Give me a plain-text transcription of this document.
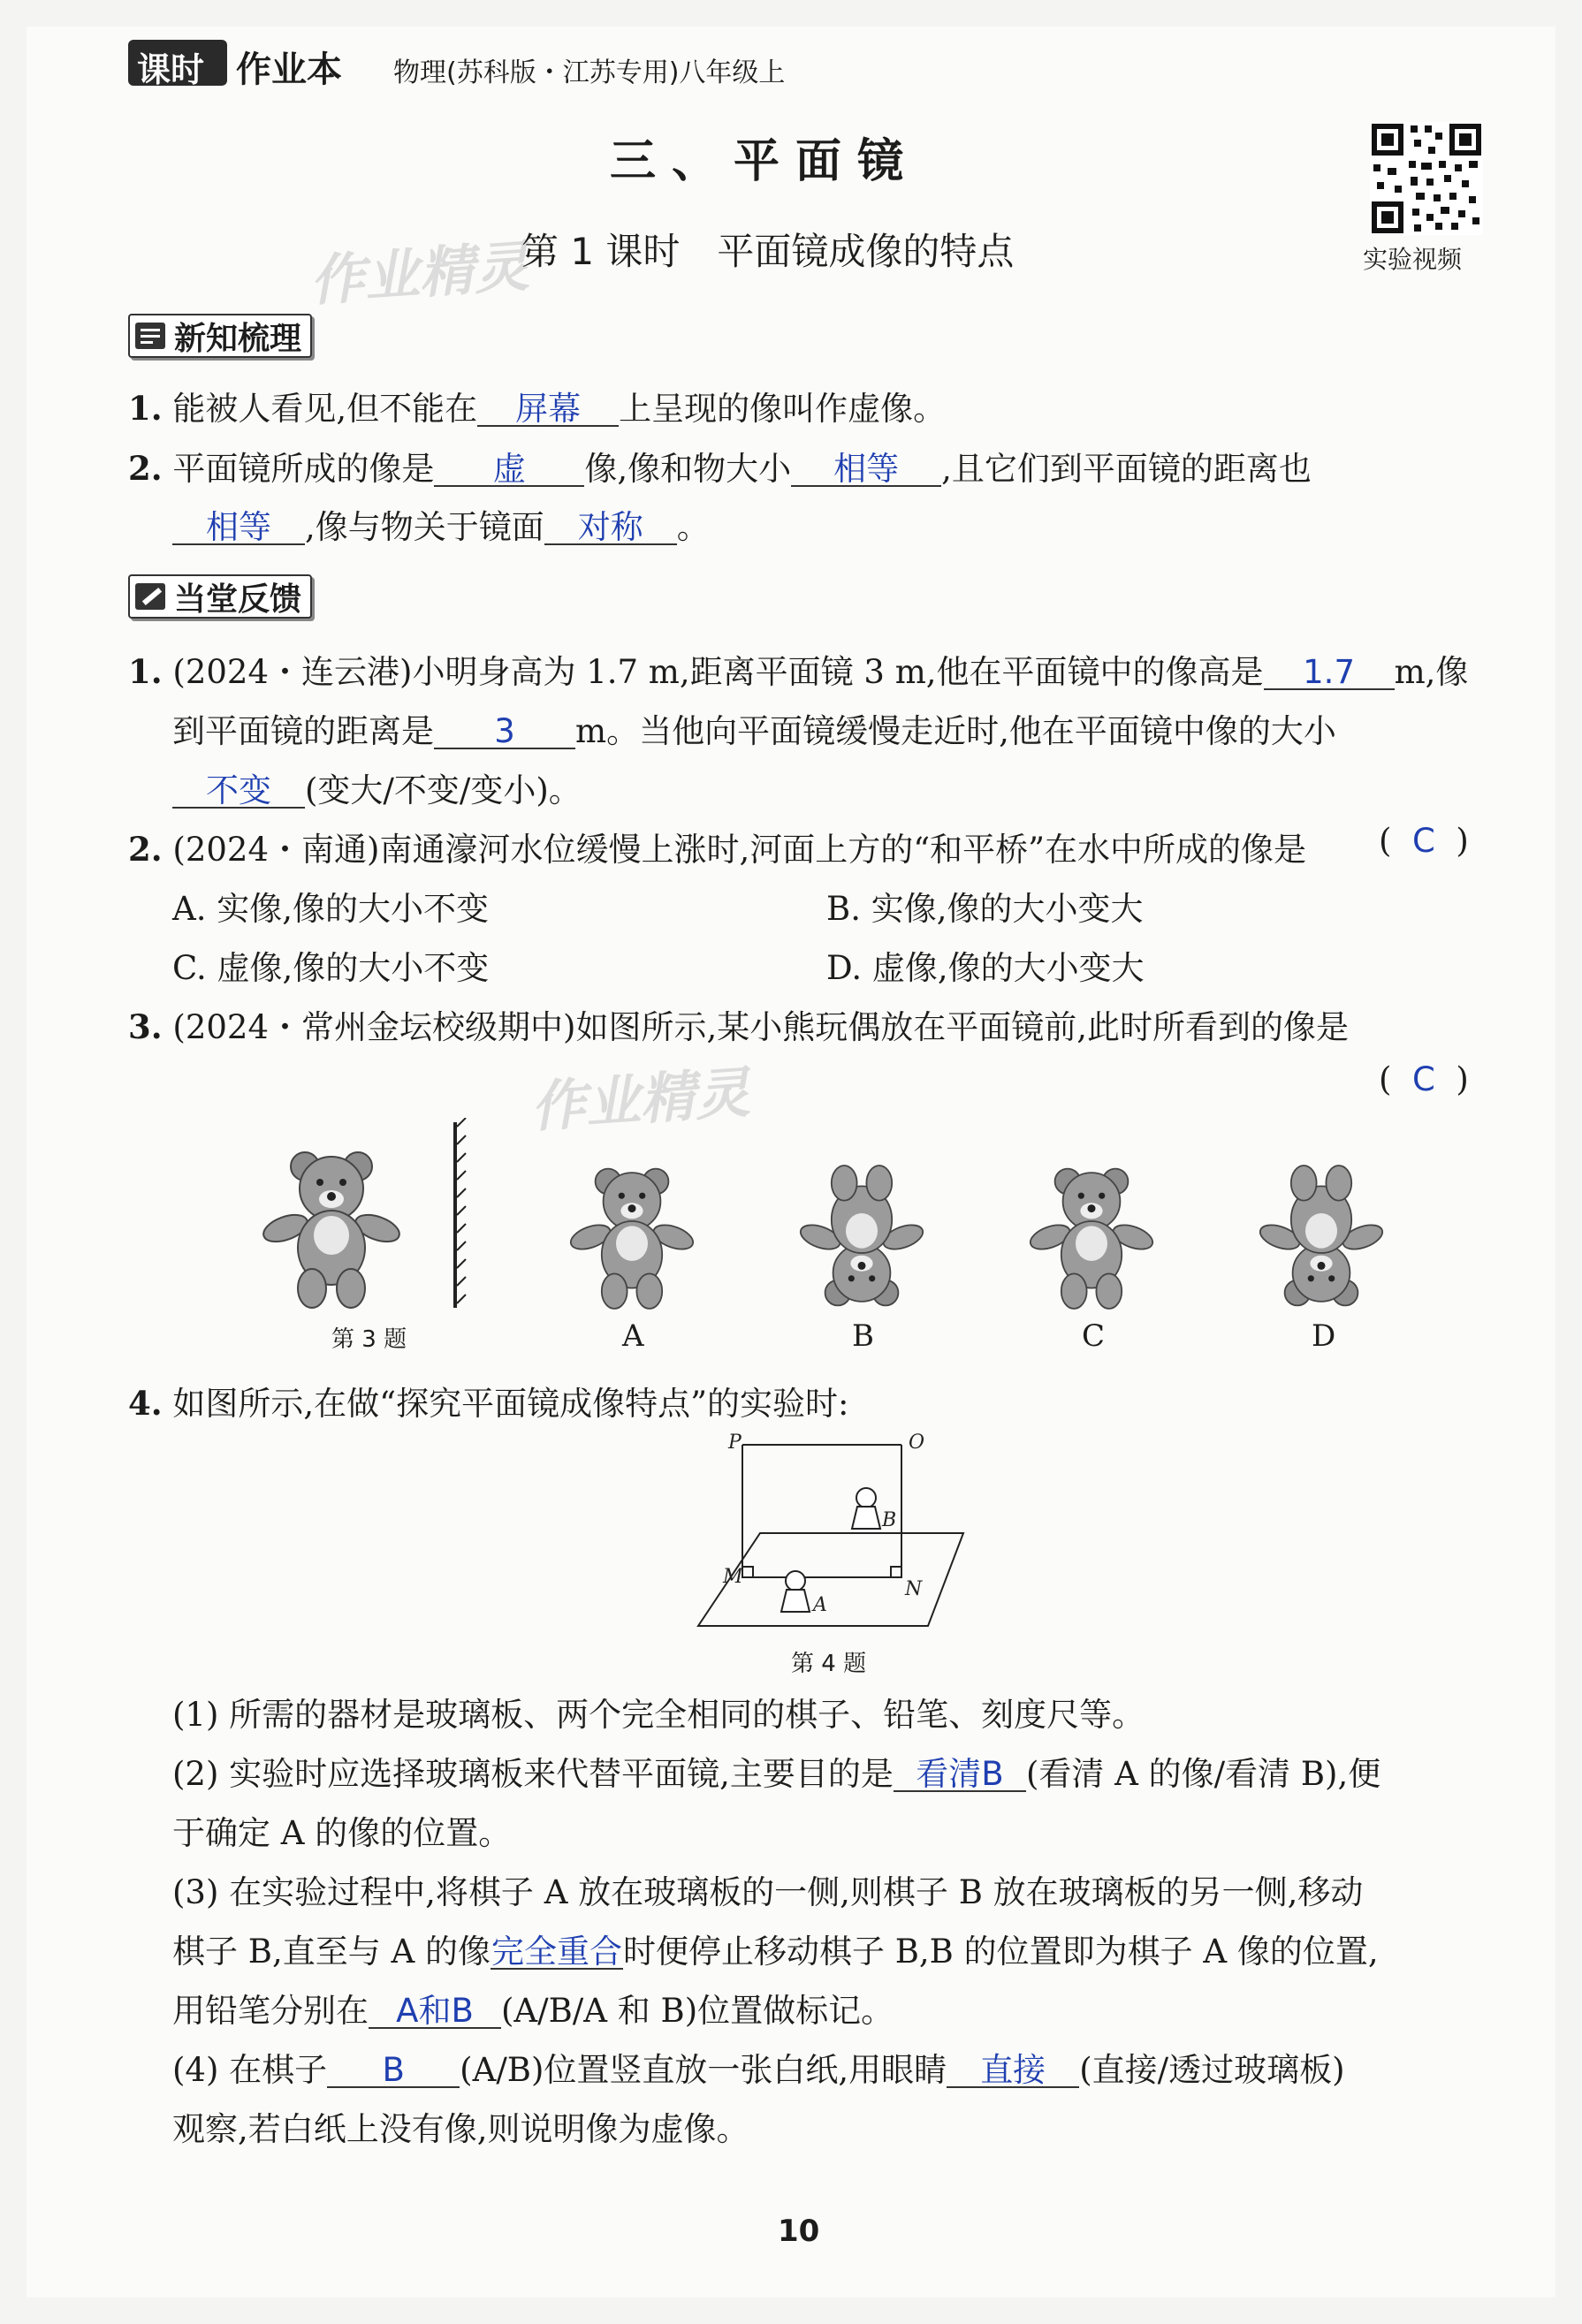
课时 作业本 物理(苏科版・江苏专用)八年级上
实验视频
三、平面镜
作业精灵
第 1 课时　平面镜成像的特点
新知梳理
1. 能被人看见,但不能在 屏幕 上呈现的像叫作虚像。
2. 平面镜所成的像是 虚 像,像和物大小 相等 ,且它们到平面镜的距离也
相等 ,像与物关于镜面 对称 。
当堂反馈
1. (2024・连云港)小明身高为 1.7 m,距离平面镜 3 m,他在平面镜中的像高是 1.7 m,像
到平面镜的距离是 3 m。当他向平面镜缓慢走近时,他在平面镜中像的大小
不变 (变大/不变/变小)。
2. (2024・南通)南通濠河水位缓慢上涨时,河面上方的“和平桥”在水中所成的像是 (  C  )
A. 实像,像的大小不变	B. 实像,像的大小变大
C. 虚像,像的大小不变	D. 虚像,像的大小变大
3. (2024・常州金坛校级期中)如图所示,某小熊玩偶放在平面镜前,此时所看到的像是
(  C  )
作业精灵
第 3 题	A	B	C	D
4. 如图所示,在做“探究平面镜成像特点”的实验时:
P	O
M
N
A
B
第 4 题
(1) 所需的器材是玻璃板、两个完全相同的棋子、铅笔、刻度尺等。
(2) 实验时应选择玻璃板来代替平面镜,主要目的是 看清B (看清 A 的像/看清 B),便
于确定 A 的像的位置。
(3) 在实验过程中,将棋子 A 放在玻璃板的一侧,则棋子 B 放在玻璃板的另一侧,移动
棋子 B,直至与 A 的像完全重合时便停止移动棋子 B,B 的位置即为棋子 A 像的位置,
用铅笔分别在 A和B (A/B/A 和 B)位置做标记。
(4) 在棋子 B (A/B)位置竖直放一张白纸,用眼睛 直接 (直接/透过玻璃板)
观察,若白纸上没有像,则说明像为虚像。
10
